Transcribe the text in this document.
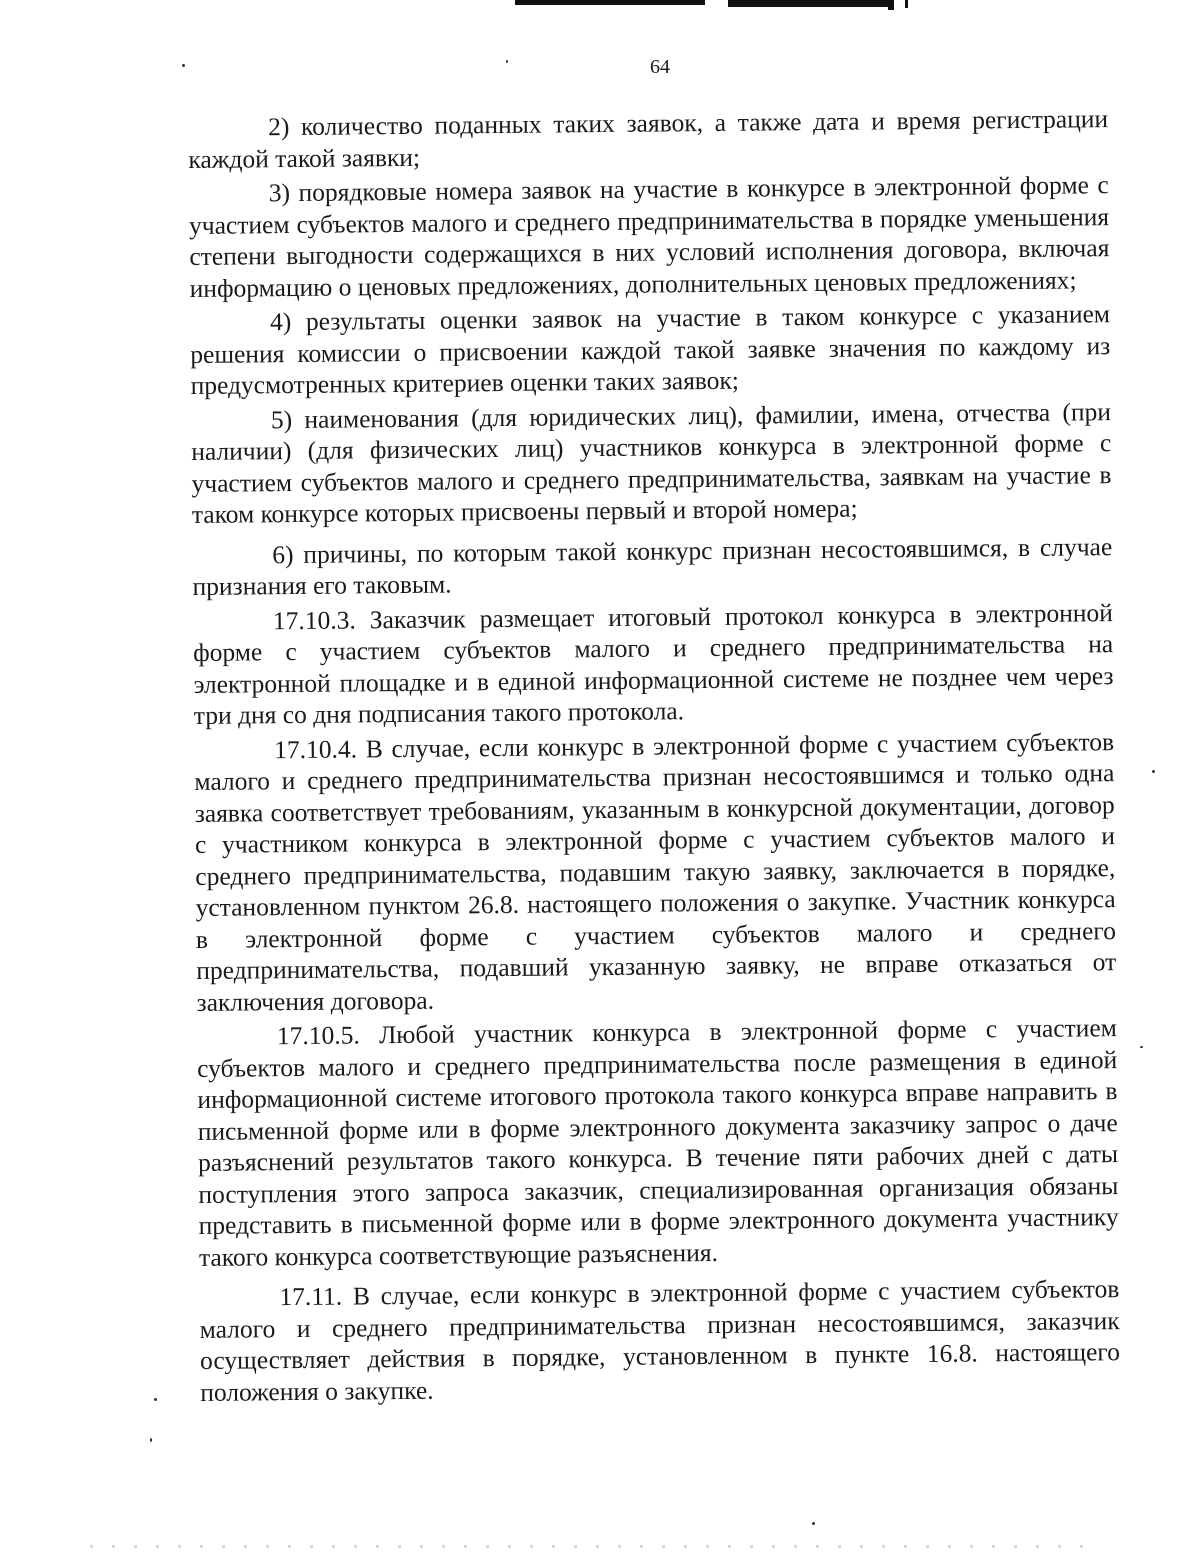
64

2) количество поданных таких заявок, а также дата и время регистрации каждой такой заявки;

3) порядковые номера заявок на участие в конкурсе в электронной форме с участием субъектов малого и среднего предпринимательства в порядке уменьшения степени выгодности содержащихся в них условий исполнения договора, включая информацию о ценовых предложениях, дополнительных ценовых предложениях;

4) результаты оценки заявок на участие в таком конкурсе с указанием решения комиссии о присвоении каждой такой заявке значения по каждому из предусмотренных критериев оценки таких заявок;

5) наименования (для юридических лиц), фамилии, имена, отчества (при наличии) (для физических лиц) участников конкурса в электронной форме с участием субъектов малого и среднего предпринимательства, заявкам на участие в таком конкурсе которых присвоены первый и второй номера;

6) причины, по которым такой конкурс признан несостоявшимся, в случае признания его таковым.

17.10.3. Заказчик размещает итоговый протокол конкурса в электронной форме с участием субъектов малого и среднего предпринимательства на электронной площадке и в единой информационной системе не позднее чем через три дня со дня подписания такого протокола.

17.10.4. В случае, если конкурс в электронной форме с участием субъектов малого и среднего предпринимательства признан несостоявшимся и только одна заявка соответствует требованиям, указанным в конкурсной документации, договор с участником конкурса в электронной форме с участием субъектов малого и среднего предпринимательства, подавшим такую заявку, заключается в порядке, установленном пунктом 26.8. настоящего положения о закупке. Участник конкурса в электронной форме с участием субъектов малого и среднего предпринимательства, подавший указанную заявку, не вправе отказаться от заключения договора.

17.10.5. Любой участник конкурса в электронной форме с участием субъектов малого и среднего предпринимательства после размещения в единой информационной системе итогового протокола такого конкурса вправе направить в письменной форме или в форме электронного документа заказчику запрос о даче разъяснений результатов такого конкурса. В течение пяти рабочих дней с даты поступления этого запроса заказчик, специализированная организация обязаны представить в письменной форме или в форме электронного документа участнику такого конкурса соответствующие разъяснения.

17.11. В случае, если конкурс в электронной форме с участием субъектов малого и среднего предпринимательства признан несостоявшимся, заказчик осуществляет действия в порядке, установленном в пункте 16.8. настоящего положения о закупке.
